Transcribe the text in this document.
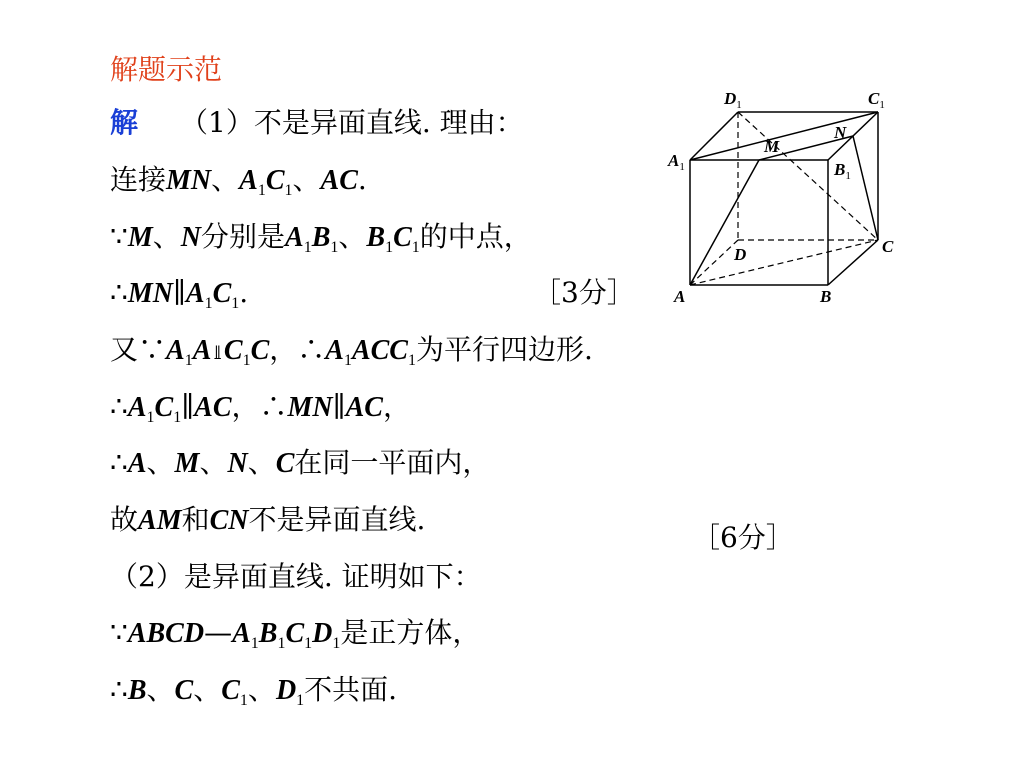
解题示范
解 （1）不是异面直线. 理由：
连接MN、$A_1C_1$、AC.
∵M、N分别是$A_1B_1$、$B_1C_1$的中点，
$\therefore MN\parallel A_1C_1$.	［3分］
又$\because A_1A$ ∥ $C_1C$，$\therefore A_1ACC_1$为平行四边形.
$\therefore A_1C_1\parallel AC$，∴MN∥AC，
∴A、M、N、C在同一平面内，
故AM和CN不是异面直线.
［6分］
（2）是异面直线. 证明如下：
$\because ABCD—A_1B_1C_1D_1$是正方体，
∴B、C、$C_1$、$D_1$不共面.
$D_1$	$C_1$
$A_1$	$B_1$
M
N
D	C
A	B
